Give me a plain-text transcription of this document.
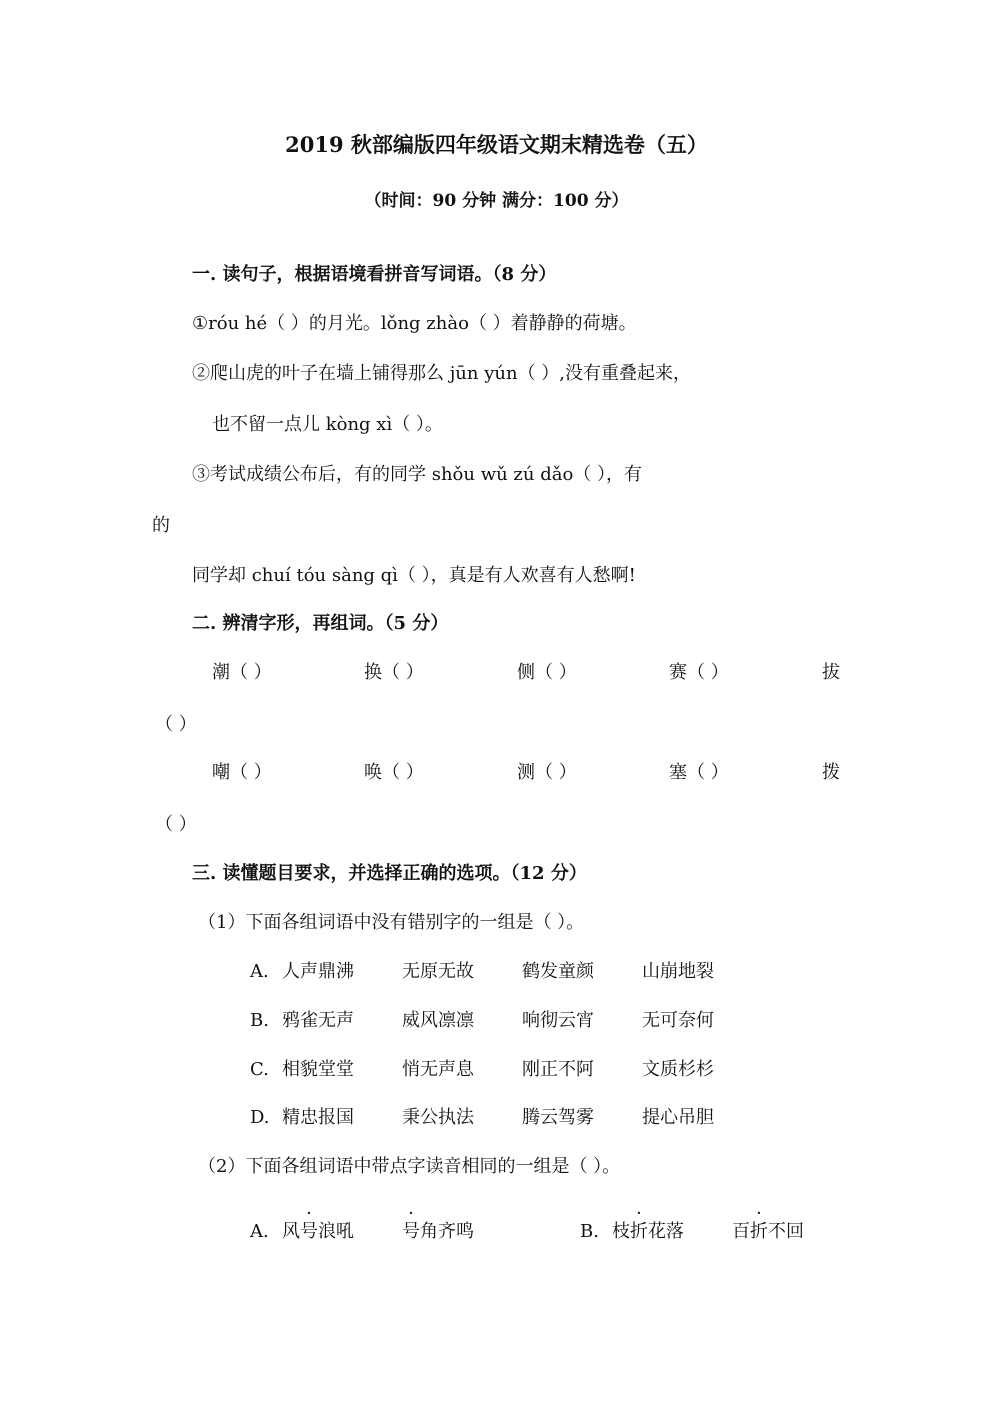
2019 秋部编版四年级语文期末精选卷（五）
（时间：90 分钟 满分：100 分）
一. 读句子，根据语境看拼音写词语。（8 分）
①róu hé（ ）的月光。lǒng zhào（ ）着静静的荷塘。
②爬山虎的叶子在墙上铺得那么 jūn yún（ ）,没有重叠起来，
也不留一点儿 kòng xì（ ）。
③考试成绩公布后，有的同学 shǒu wǔ zú dǎo（ ），有
的
同学却 chuí tóu sàng qì（ ），真是有人欢喜有人愁啊!
二. 辨清字形，再组词。（5 分）
潮（ ）	换（ ）	侧（ ）	赛（ ）	拔
（ ）
嘲（ ）	唤（ ）	测（ ）	塞（ ）	拨
（ ）
三. 读懂题目要求，并选择正确的选项。（12 分）
（1）下面各组词语中没有错别字的一组是（ ）。
A. 人声鼎沸	无原无故	鹤发童颜	山崩地裂
B. 鸦雀无声	威风凛凛	响彻云宵	无可奈何
C. 相貌堂堂	悄无声息	刚正不阿	文质杉杉
D. 精忠报国	秉公执法	腾云驾雾	提心吊胆
（2）下面各组词语中带点字读音相同的一组是（ ）。
A. 风号浪吼	号角齐鸣	B. 枝折花落	百折不回
